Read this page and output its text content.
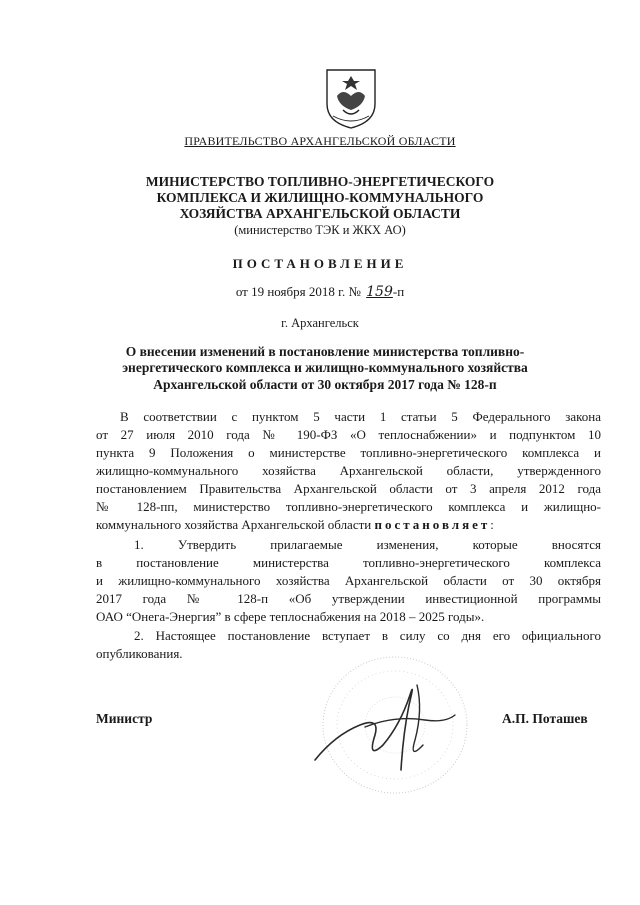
ПРАВИТЕЛЬСТВО АРХАНГЕЛЬСКОЙ ОБЛАСТИ
МИНИСТЕРСТВО ТОПЛИВНО-ЭНЕРГЕТИЧЕСКОГО
КОМПЛЕКСА И ЖИЛИЩНО-КОММУНАЛЬНОГО
ХОЗЯЙСТВА АРХАНГЕЛЬСКОЙ ОБЛАСТИ
(министерство ТЭК и ЖКХ АО)
ПОСТАНОВЛЕНИЕ
от 19 ноября 2018 г. № 159-п
г. Архангельск
О внесении изменений в постановление министерства топливно-
энергетического комплекса и жилищно-коммунального хозяйства
Архангельской области от 30 октября 2017 года № 128-п
В соответствии с пунктом 5 части 1 статьи 5 Федерального закона
от 27 июля 2010 года № 190-ФЗ «О теплоснабжении» и подпунктом 10
пункта 9 Положения о министерстве топливно-энергетического комплекса и
жилищно-коммунального хозяйства Архангельской области, утвержденного
постановлением Правительства Архангельской области от 3 апреля 2012 года
№ 128-пп, министерство топливно-энергетического комплекса и жилищно-
коммунального хозяйства Архангельской области постановляет:
1. Утвердить прилагаемые изменения, которые вносятся
в постановление министерства топливно-энергетического комплекса
и жилищно-коммунального хозяйства Архангельской области от 30 октября
2017 года № 128-п «Об утверждении инвестиционной программы
ОАО “Онега-Энергия” в сфере теплоснабжения на 2018 – 2025 годы».
2. Настоящее постановление вступает в силу со дня его официального
опубликования.
Министр	А.П. Поташев
